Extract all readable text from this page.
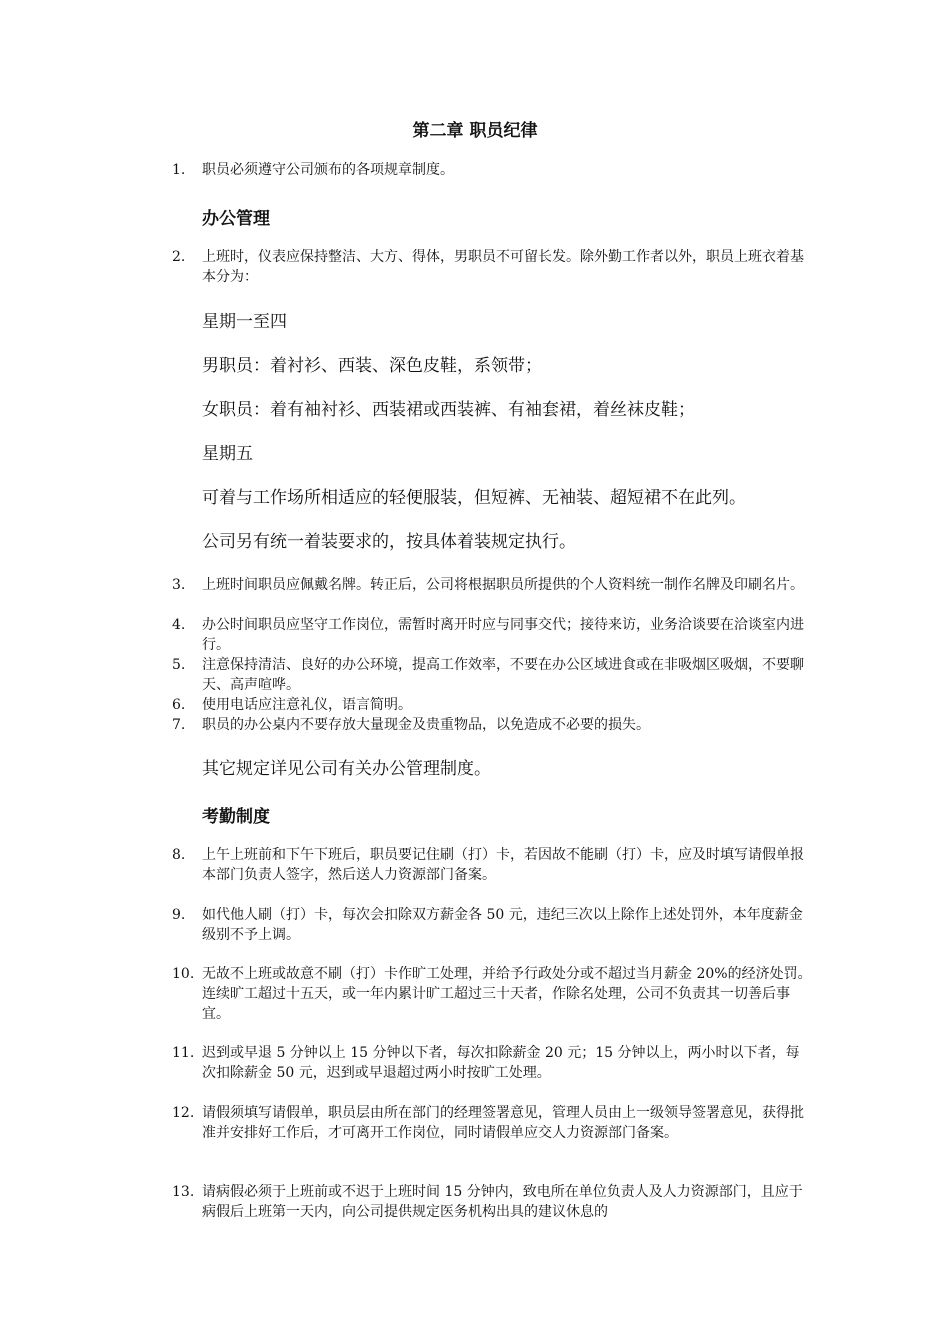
第二章 职员纪律
1. 职员必须遵守公司颁布的各项规章制度。
办公管理
2. 上班时，仪表应保持整洁、大方、得体，男职员不可留长发。除外勤工作者以外，职员上班衣着基本分为：
星期一至四
男职员：着衬衫、西装、深色皮鞋，系领带；
女职员：着有袖衬衫、西装裙或西装裤、有袖套裙，着丝袜皮鞋；
星期五
可着与工作场所相适应的轻便服装，但短裤、无袖装、超短裙不在此列。
公司另有统一着装要求的，按具体着装规定执行。
3. 上班时间职员应佩戴名牌。转正后，公司将根据职员所提供的个人资料统一制作名牌及印刷名片。
4. 办公时间职员应坚守工作岗位，需暂时离开时应与同事交代；接待来访，业务洽谈要在洽谈室内进行。
5. 注意保持清洁、良好的办公环境，提高工作效率，不要在办公区域进食或在非吸烟区吸烟，不要聊天、高声喧哗。
6. 使用电话应注意礼仪，语言简明。
7. 职员的办公桌内不要存放大量现金及贵重物品，以免造成不必要的损失。
其它规定详见公司有关办公管理制度。
考勤制度
8. 上午上班前和下午下班后，职员要记住刷（打）卡，若因故不能刷（打）卡，应及时填写请假单报本部门负责人签字，然后送人力资源部门备案。
9. 如代他人刷（打）卡，每次会扣除双方薪金各 50 元，违纪三次以上除作上述处罚外，本年度薪金级别不予上调。
10. 无故不上班或故意不刷（打）卡作旷工处理，并给予行政处分或不超过当月薪金 20%的经济处罚。连续旷工超过十五天，或一年内累计旷工超过三十天者，作除名处理，公司不负责其一切善后事宜。
11. 迟到或早退 5 分钟以上 15 分钟以下者，每次扣除薪金 20 元；15 分钟以上，两小时以下者，每次扣除薪金 50 元，迟到或早退超过两小时按旷工处理。
12. 请假须填写请假单，职员层由所在部门的经理签署意见，管理人员由上一级领导签署意见，获得批准并安排好工作后，才可离开工作岗位，同时请假单应交人力资源部门备案。
13. 请病假必须于上班前或不迟于上班时间 15 分钟内，致电所在单位负责人及人力资源部门，且应于病假后上班第一天内，向公司提供规定医务机构出具的建议休息的
